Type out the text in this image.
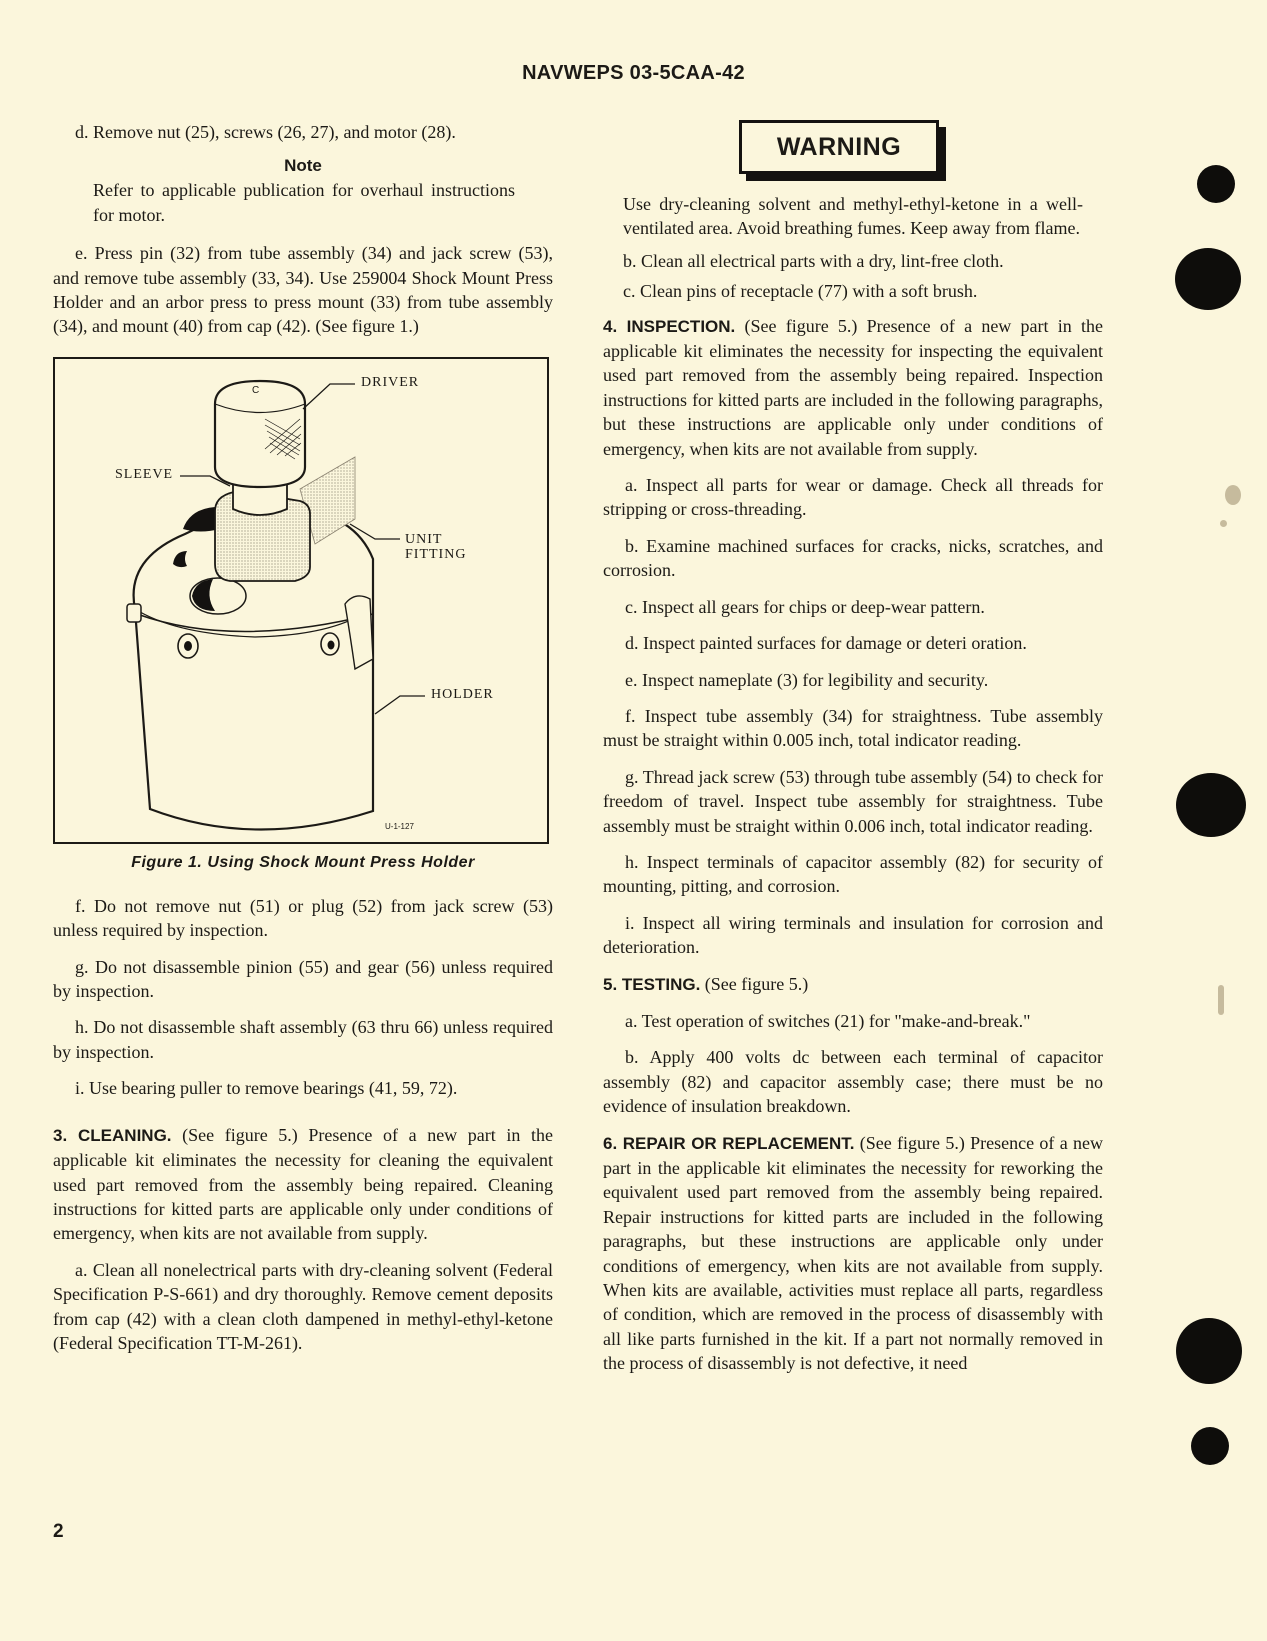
NAVWEPS 03-5CAA-42

d. Remove nut (25), screws (26, 27), and motor (28).

Note

Refer to applicable publication for overhaul instructions for motor.

e. Press pin (32) from tube assembly (34) and jack screw (53), and remove tube assembly (33, 34). Use 259004 Shock Mount Press Holder and an arbor press to press mount (33) from tube assembly (34), and mount (40) from cap (42). (See figure 1.)

C
DRIVER
SLEEVE
UNIT
FITTING
HOLDER
U-1-127
Figure 1. Using Shock Mount Press Holder

f. Do not remove nut (51) or plug (52) from jack screw (53) unless required by inspection.

g. Do not disassemble pinion (55) and gear (56) unless required by inspection.

h. Do not disassemble shaft assembly (63 thru 66) unless required by inspection.

i. Use bearing puller to remove bearings (41, 59, 72).

3. CLEANING. (See figure 5.) Presence of a new part in the applicable kit eliminates the necessity for cleaning the equivalent used part removed from the assembly being repaired. Cleaning instructions for kitted parts are applicable only under conditions of emergency, when kits are not available from supply.

a. Clean all nonelectrical parts with dry-cleaning solvent (Federal Specification P-S-661) and dry thoroughly. Remove cement deposits from cap (42) with a clean cloth dampened in methyl-ethyl-ketone (Federal Specification TT-M-261).

WARNING

Use dry-cleaning solvent and methyl-ethyl-ketone in a well-ventilated area. Avoid breathing fumes. Keep away from flame.

b. Clean all electrical parts with a dry, lint-free cloth.

c. Clean pins of receptacle (77) with a soft brush.

4. INSPECTION. (See figure 5.) Presence of a new part in the applicable kit eliminates the necessity for inspecting the equivalent used part removed from the assembly being repaired. Inspection instructions for kitted parts are included in the following paragraphs, but these instructions are applicable only under conditions of emergency, when kits are not available from supply.

a. Inspect all parts for wear or damage. Check all threads for stripping or cross-threading.

b. Examine machined surfaces for cracks, nicks, scratches, and corrosion.

c. Inspect all gears for chips or deep-wear pattern.

d. Inspect painted surfaces for damage or deteri oration.

e. Inspect nameplate (3) for legibility and security.

f. Inspect tube assembly (34) for straightness. Tube assembly must be straight within 0.005 inch, total indicator reading.

g. Thread jack screw (53) through tube assembly (54) to check for freedom of travel. Inspect tube assembly for straightness. Tube assembly must be straight within 0.006 inch, total indicator reading.

h. Inspect terminals of capacitor assembly (82) for security of mounting, pitting, and corrosion.

i. Inspect all wiring terminals and insulation for corrosion and deterioration.

5. TESTING. (See figure 5.)

a. Test operation of switches (21) for "make-and-break."

b. Apply 400 volts dc between each terminal of capacitor assembly (82) and capacitor assembly case; there must be no evidence of insulation breakdown.

6. REPAIR OR REPLACEMENT. (See figure 5.) Presence of a new part in the applicable kit eliminates the necessity for reworking the equivalent used part removed from the assembly being repaired. Repair instructions for kitted parts are included in the following paragraphs, but these instructions are applicable only under conditions of emergency, when kits are not available from supply. When kits are available, activities must replace all parts, regardless of condition, which are removed in the process of disassembly with all like parts furnished in the kit. If a part not normally removed in the process of disassembly is not defective, it need

2
